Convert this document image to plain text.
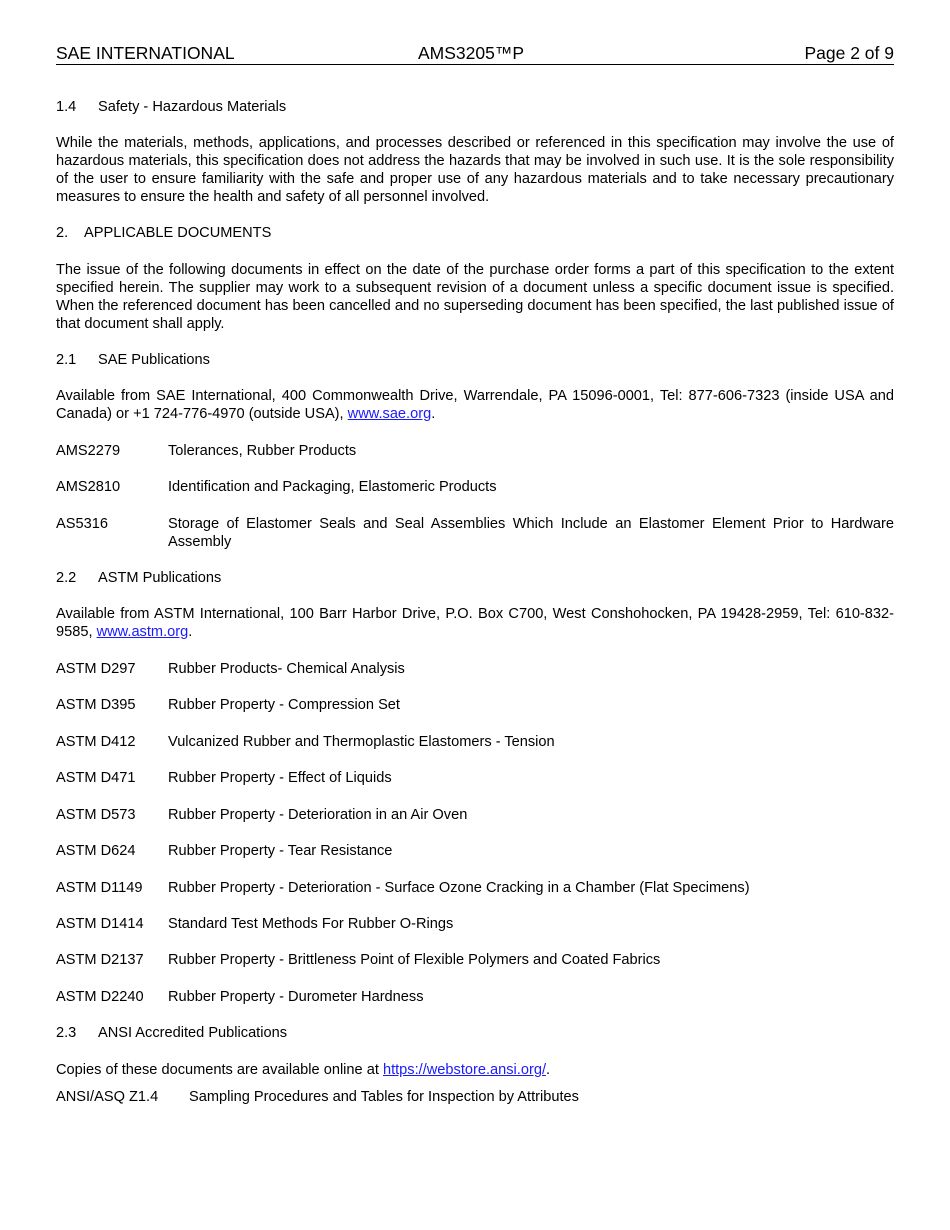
SAE INTERNATIONAL	AMS3205™P	Page 2 of 9
1.4 Safety - Hazardous Materials
While the materials, methods, applications, and processes described or referenced in this specification may involve the use of hazardous materials, this specification does not address the hazards that may be involved in such use. It is the sole responsibility of the user to ensure familiarity with the safe and proper use of any hazardous materials and to take necessary precautionary measures to ensure the health and safety of all personnel involved.
2. APPLICABLE DOCUMENTS
The issue of the following documents in effect on the date of the purchase order forms a part of this specification to the extent specified herein. The supplier may work to a subsequent revision of a document unless a specific document issue is specified. When the referenced document has been cancelled and no superseding document has been specified, the last published issue of that document shall apply.
2.1 SAE Publications
Available from SAE International, 400 Commonwealth Drive, Warrendale, PA 15096-0001, Tel: 877-606-7323 (inside USA and Canada) or +1 724-776-4970 (outside USA), www.sae.org.
AMS2279	Tolerances, Rubber Products
AMS2810	Identification and Packaging, Elastomeric Products
AS5316	Storage of Elastomer Seals and Seal Assemblies Which Include an Elastomer Element Prior to Hardware Assembly
2.2 ASTM Publications
Available from ASTM International, 100 Barr Harbor Drive, P.O. Box C700, West Conshohocken, PA 19428-2959, Tel: 610-832-9585, www.astm.org.
ASTM D297 Rubber Products- Chemical Analysis
ASTM D395 Rubber Property - Compression Set
ASTM D412 Vulcanized Rubber and Thermoplastic Elastomers - Tension
ASTM D471 Rubber Property - Effect of Liquids
ASTM D573 Rubber Property - Deterioration in an Air Oven
ASTM D624 Rubber Property - Tear Resistance
ASTM D1149 Rubber Property - Deterioration - Surface Ozone Cracking in a Chamber (Flat Specimens)
ASTM D1414 Standard Test Methods For Rubber O-Rings
ASTM D2137 Rubber Property - Brittleness Point of Flexible Polymers and Coated Fabrics
ASTM D2240 Rubber Property - Durometer Hardness
2.3 ANSI Accredited Publications
Copies of these documents are available online at https://webstore.ansi.org/.
ANSI/ASQ Z1.4 Sampling Procedures and Tables for Inspection by Attributes
